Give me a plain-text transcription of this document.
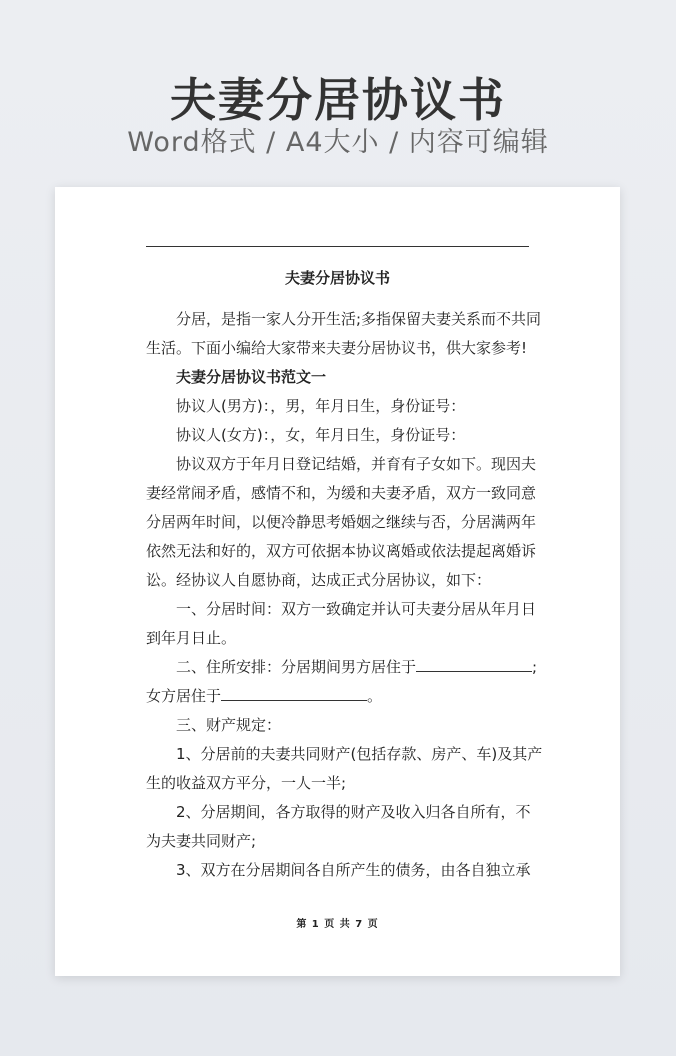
夫妻分居协议书
Word格式 / A4大小 / 内容可编辑
夫妻分居协议书
分居，是指一家人分开生活;多指保留夫妻关系而不共同
生活。下面小编给大家带来夫妻分居协议书，供大家参考!
夫妻分居协议书范文一
协议人(男方)：，男，年月日生，身份证号：
协议人(女方)：，女，年月日生，身份证号：
协议双方于年月日登记结婚，并育有子女如下。现因夫
妻经常闹矛盾，感情不和，为缓和夫妻矛盾，双方一致同意
分居两年时间，以便冷静思考婚姻之继续与否，分居满两年
依然无法和好的，双方可依据本协议离婚或依法提起离婚诉
讼。经协议人自愿协商，达成正式分居协议，如下：
一、分居时间：双方一致确定并认可夫妻分居从年月日
到年月日止。
二、住所安排：分居期间男方居住于	;
女方居住于	。
三、财产规定：
1、分居前的夫妻共同财产(包括存款、房产、车)及其产
生的收益双方平分，一人一半;
2、分居期间，各方取得的财产及收入归各自所有，不
为夫妻共同财产;
3、双方在分居期间各自所产生的债务，由各自独立承
第 1 页 共 7 页
